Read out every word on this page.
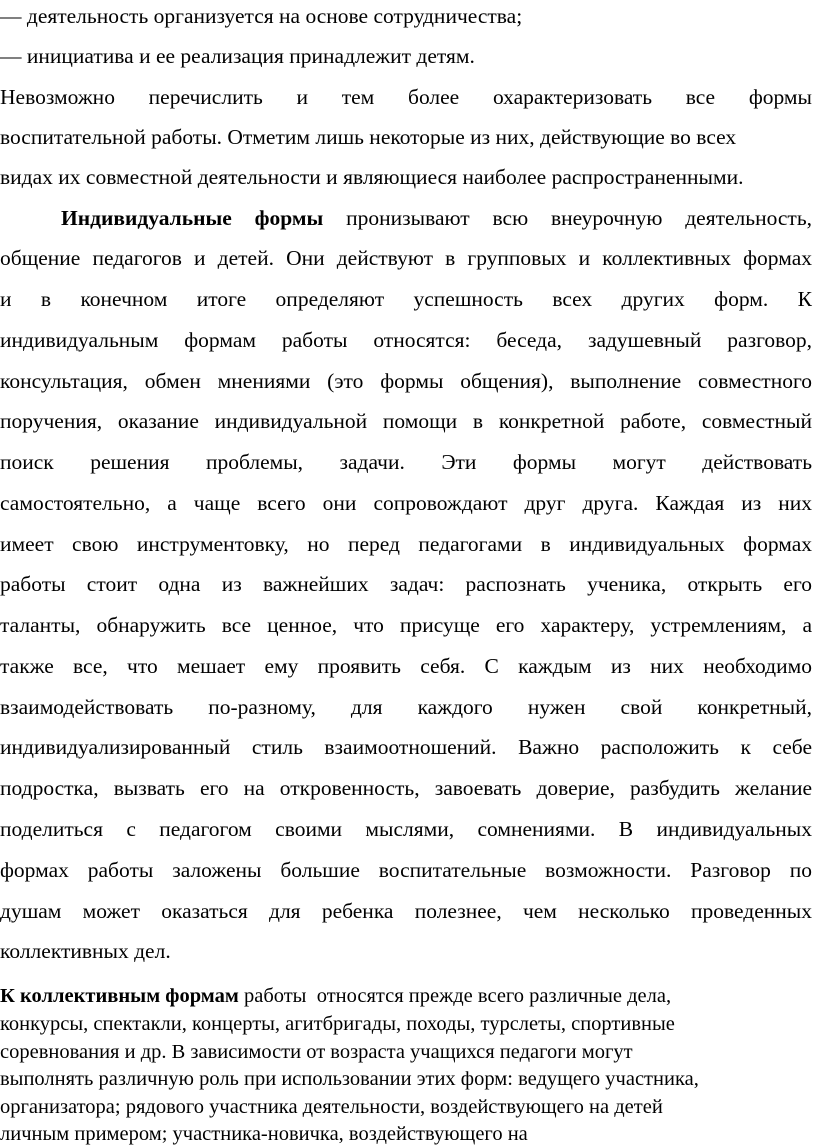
— деятельность организуется на основе сотрудничества;
— инициатива и ее реализация принадлежит детям.
Невозможно перечислить и тем более охарактеризовать все формы
воспитательной работы. Отметим лишь некоторые из них, действующие во всех
видах их совместной деятельности и являющиеся наиболее распространенными.
Индивидуальные формы пронизывают всю внеурочную деятельность,
общение педагогов и детей. Они действуют в групповых и коллективных формах
и в конечном итоге определяют успешность всех других форм. К
индивидуальным формам работы относятся: беседа, задушевный разговор,
консультация, обмен мнениями (это формы общения), выполнение совместного
поручения, оказание индивидуальной помощи в конкретной работе, совместный
поиск решения проблемы, задачи. Эти формы могут действовать
самостоятельно, а чаще всего они сопровождают друг друга. Каждая из них
имеет свою инструментовку, но перед педагогами в индивидуальных формах
работы стоит одна из важнейших задач: распознать ученика, открыть его
таланты, обнаружить все ценное, что присуще его характеру, устремлениям, а
также все, что мешает ему проявить себя. С каждым из них необходимо
взаимодействовать по-разному, для каждого нужен свой конкретный,
индивидуализированный стиль взаимоотношений. Важно расположить к себе
подростка, вызвать его на откровенность, завоевать доверие, разбудить желание
поделиться с педагогом своими мыслями, сомнениями. В индивидуальных
формах работы заложены большие воспитательные возможности. Разговор по
душам может оказаться для ребенка полезнее, чем несколько проведенных
коллективных дел.
К коллективным формам работы  относятся прежде всего различные дела,
конкурсы, спектакли, концерты, агитбригады, походы, турслеты, спортивные
соревнования и др. В зависимости от возраста учащихся педагоги могут
выполнять различную роль при использовании этих форм: ведущего участника,
организатора; рядового участника деятельности, воздействующего на детей
личным примером; участника-новичка, воздействующего на
